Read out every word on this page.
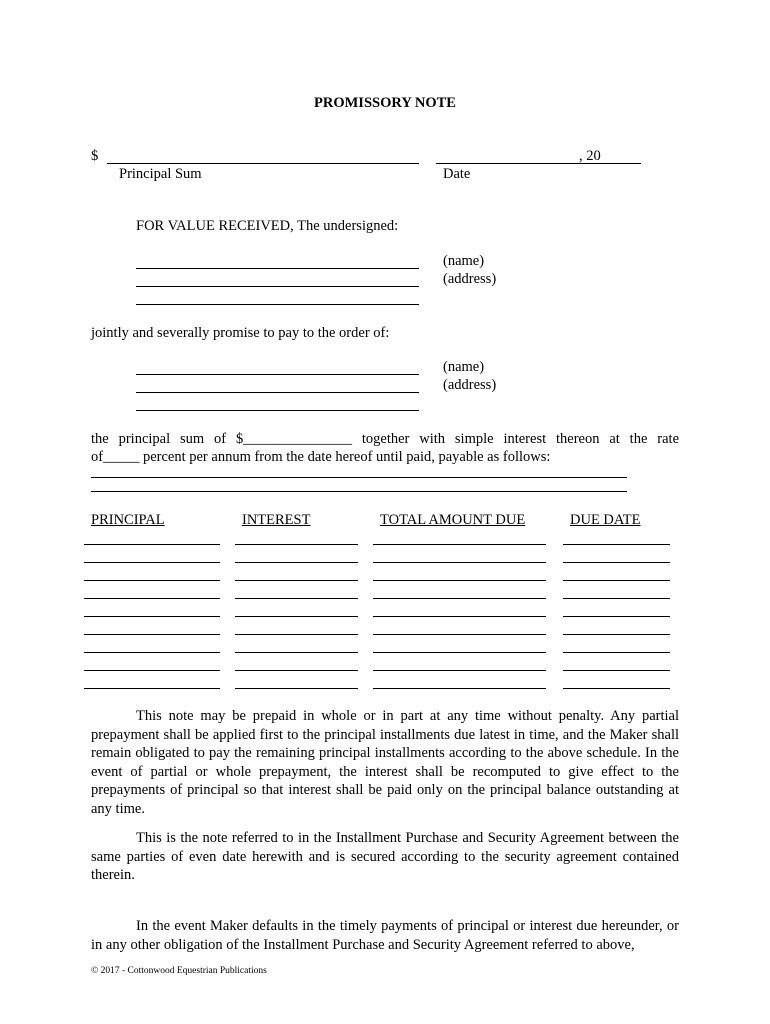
PROMISSORY NOTE
$	, 20
Principal Sum	Date
FOR VALUE RECEIVED, The undersigned:
(name)
(address)
jointly and severally promise to pay to the order of:
(name)
(address)
the principal sum of $_______________ together with simple interest thereon at the rate
of_____ percent per annum from the date hereof until paid, payable as follows:
PRINCIPAL	INTEREST	TOTAL AMOUNT DUE	DUE DATE
This note may be prepaid in whole or in part at any time without penalty. Any partial prepayment shall be applied first to the principal installments due latest in time, and the Maker shall remain obligated to pay the remaining principal installments according to the above schedule. In the event of partial or whole prepayment, the interest shall be recomputed to give effect to the prepayments of principal so that interest shall be paid only on the principal balance outstanding at any time.
This is the note referred to in the Installment Purchase and Security Agreement between the same parties of even date herewith and is secured according to the security agreement contained therein.
In the event Maker defaults in the timely payments of principal or interest due hereunder, or in any other obligation of the Installment Purchase and Security Agreement referred to above,
© 2017 - Cottonwood Equestrian Publications
